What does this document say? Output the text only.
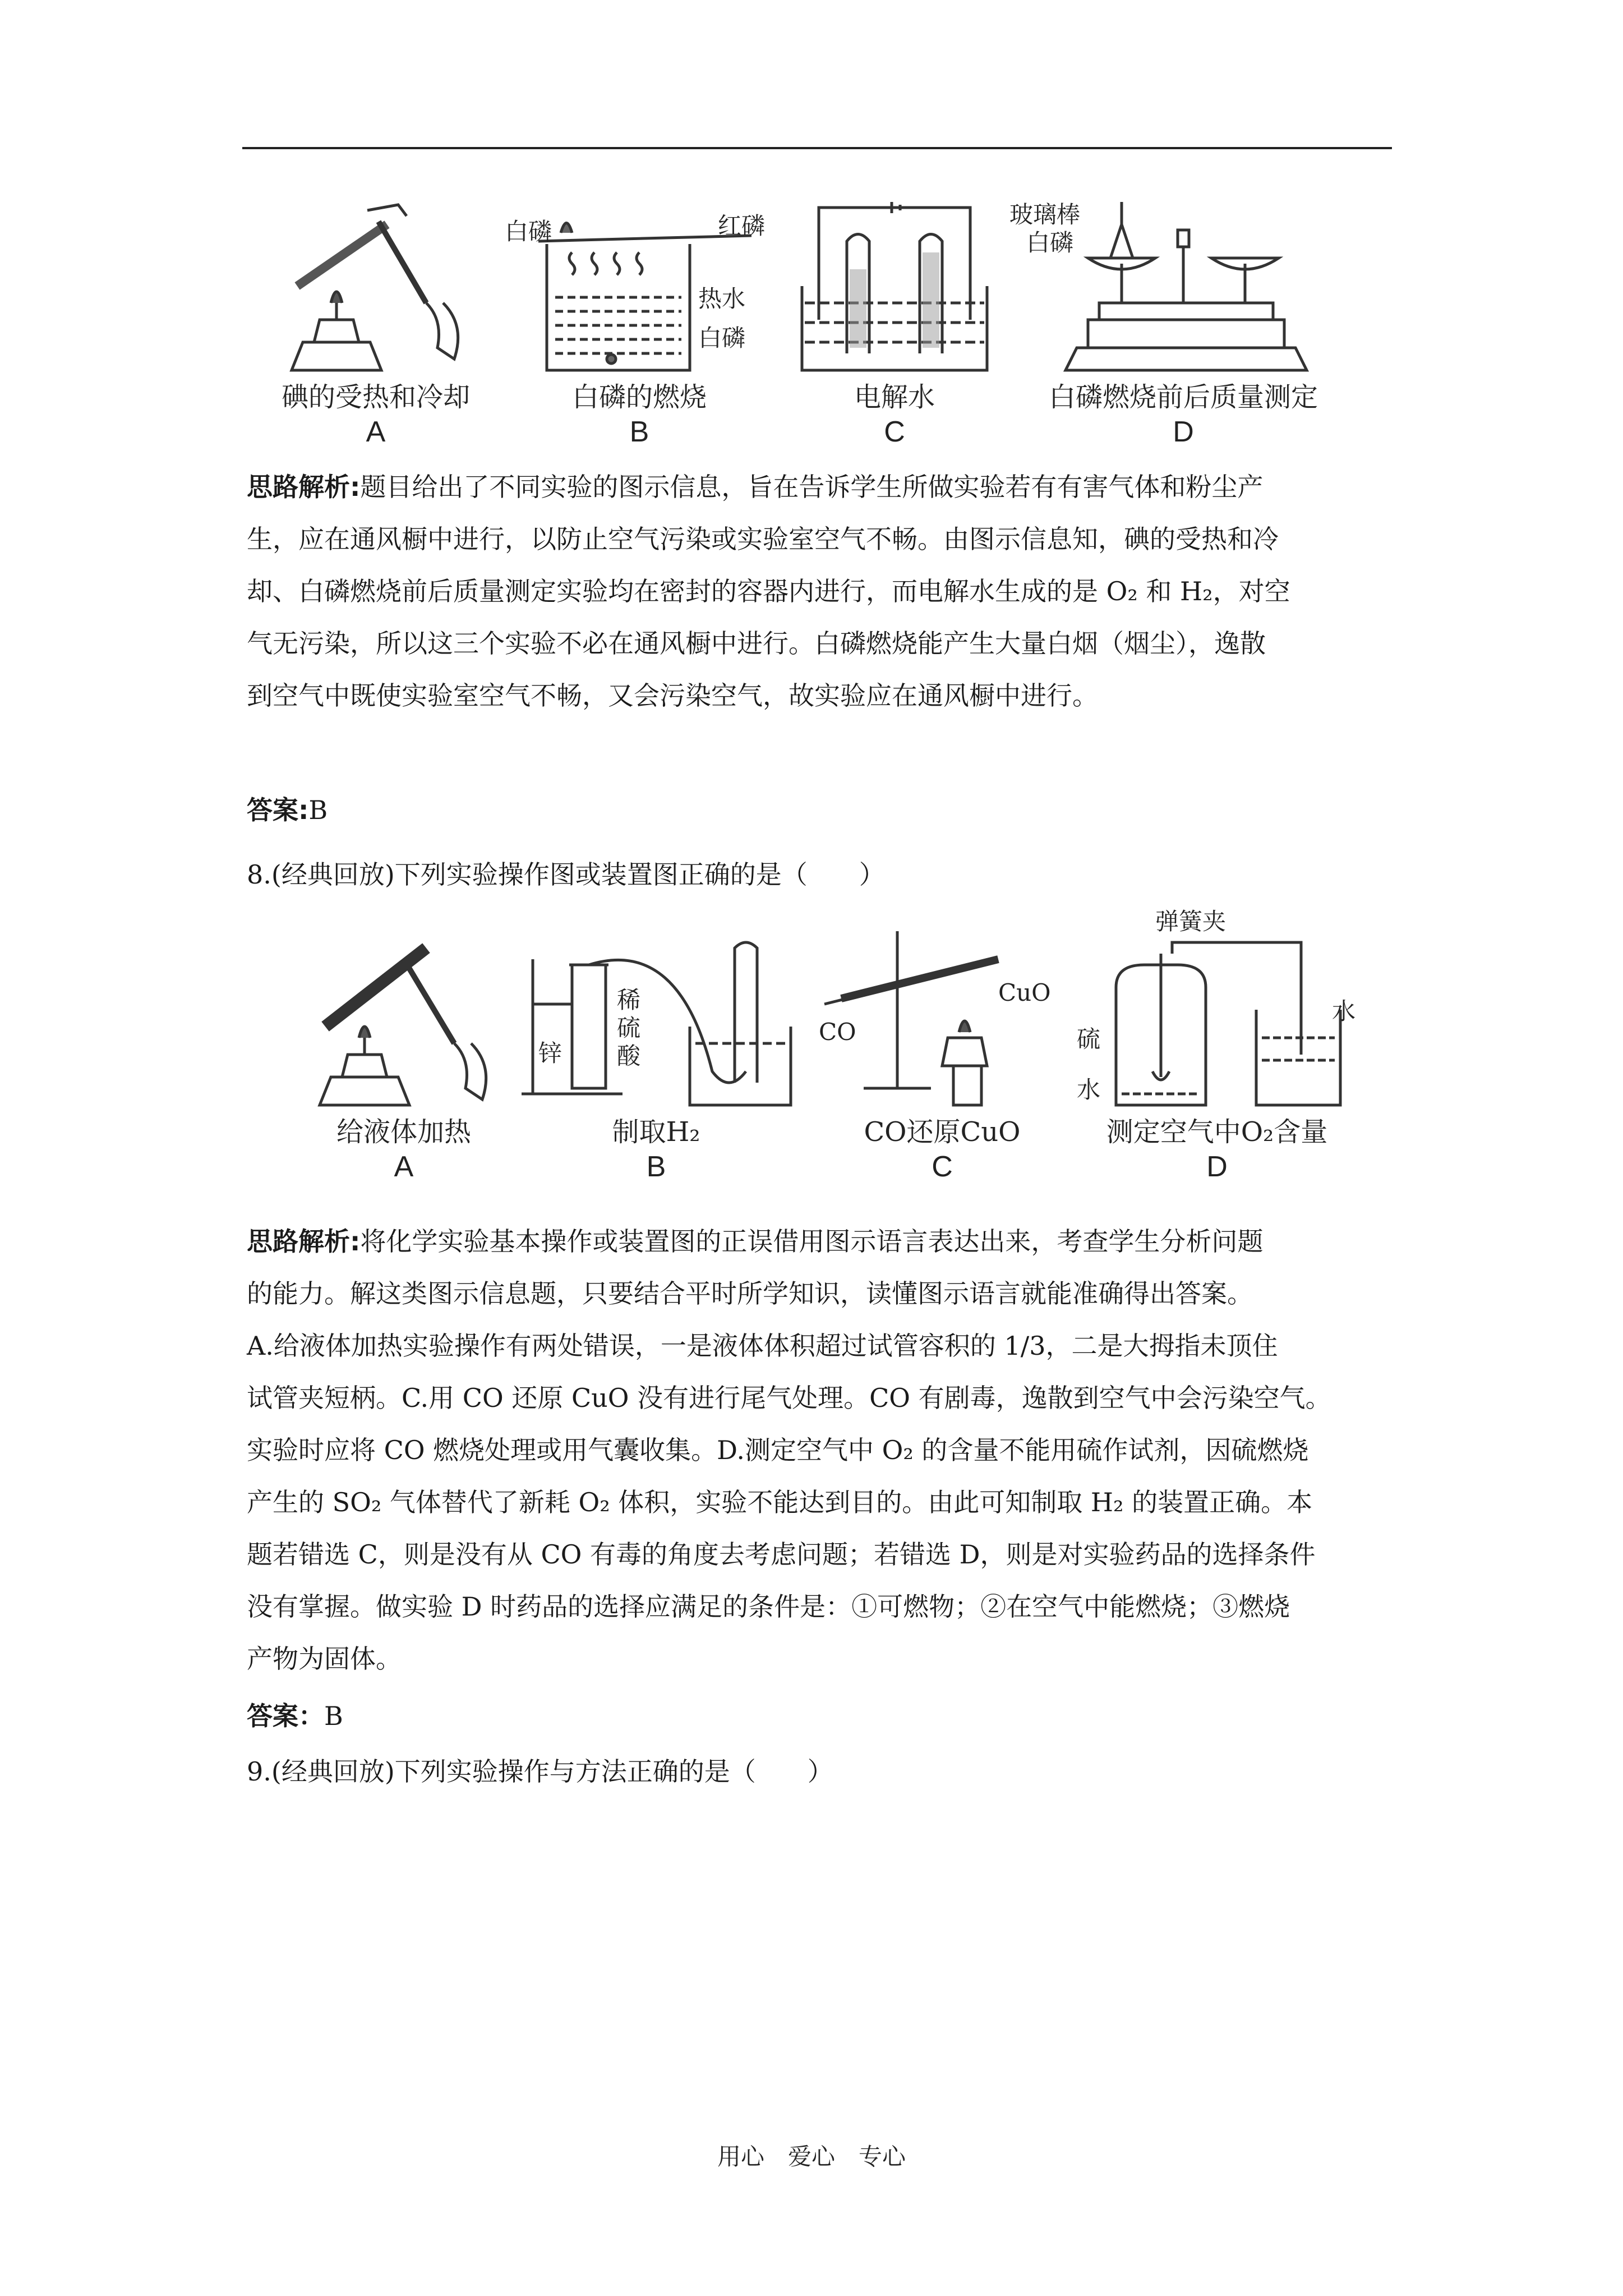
碘的受热和冷却
A
白磷	红磷
热水
白磷
白磷的燃烧
B
电解水
C
玻璃棒
白磷
白磷燃烧前后质量测定
D

思路解析:题目给出了不同实验的图示信息，旨在告诉学生所做实验若有有害气体和粉尘产

生，应在通风橱中进行，以防止空气污染或实验室空气不畅。由图示信息知，碘的受热和冷

却、白磷燃烧前后质量测定实验均在密封的容器内进行，而电解水生成的是 O₂ 和 H₂，对空

气无污染，所以这三个实验不必在通风橱中进行。白磷燃烧能产生大量白烟（烟尘），逸散

到空气中既使实验室空气不畅，又会污染空气，故实验应在通风橱中进行。

答案:B

8.(经典回放)下列实验操作图或装置图正确的是（　　）

给液体加热
A
锌
稀
硫
酸
制取H₂
B
CO
CuO
CO还原CuO
C
弹簧夹
硫
水
水
测定空气中O₂含量
D

思路解析:将化学实验基本操作或装置图的正误借用图示语言表达出来，考查学生分析问题

的能力。解这类图示信息题，只要结合平时所学知识，读懂图示语言就能准确得出答案。

A.给液体加热实验操作有两处错误，一是液体体积超过试管容积的 1/3，二是大拇指未顶住

试管夹短柄。C.用 CO 还原 CuO 没有进行尾气处理。CO 有剧毒，逸散到空气中会污染空气。

实验时应将 CO 燃烧处理或用气囊收集。D.测定空气中 O₂ 的含量不能用硫作试剂，因硫燃烧

产生的 SO₂ 气体替代了新耗 O₂ 体积，实验不能达到目的。由此可知制取 H₂ 的装置正确。本

题若错选 C，则是没有从 CO 有毒的角度去考虑问题；若错选 D，则是对实验药品的选择条件

没有掌握。做实验 D 时药品的选择应满足的条件是：①可燃物；②在空气中能燃烧；③燃烧

产物为固体。

答案：B

9.(经典回放)下列实验操作与方法正确的是（　　）

用心　爱心　专心
